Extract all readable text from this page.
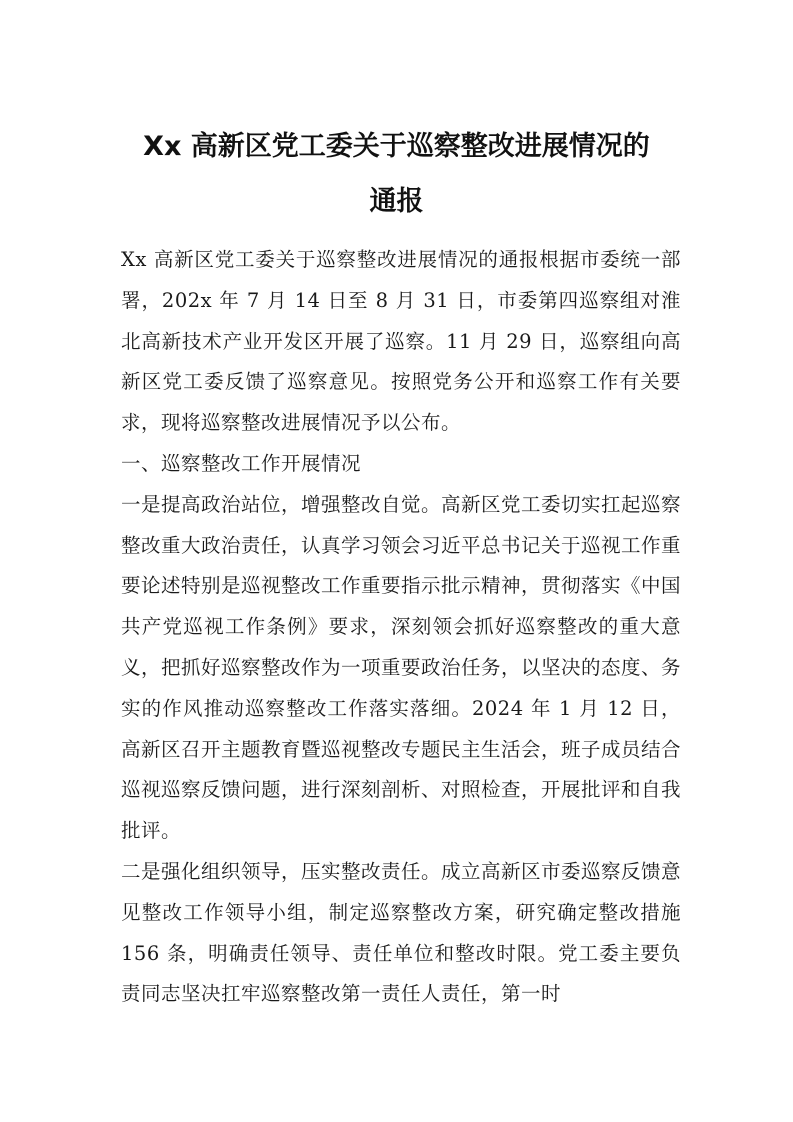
Xx 高新区党工委关于巡察整改进展情况的
通报

Xx 高新区党工委关于巡察整改进展情况的通报根据市委统一部署，202x 年 7 月 14 日至 8 月 31 日，市委第四巡察组对淮北高新技术产业开发区开展了巡察。11 月 29 日，巡察组向高新区党工委反馈了巡察意见。按照党务公开和巡察工作有关要求，现将巡察整改进展情况予以公布。

一、巡察整改工作开展情况

一是提高政治站位，增强整改自觉。高新区党工委切实扛起巡察整改重大政治责任，认真学习领会习近平总书记关于巡视工作重要论述特别是巡视整改工作重要指示批示精神，贯彻落实《中国共产党巡视工作条例》要求，深刻领会抓好巡察整改的重大意义，把抓好巡察整改作为一项重要政治任务，以坚决的态度、务实的作风推动巡察整改工作落实落细。2024 年 1 月 12 日，高新区召开主题教育暨巡视整改专题民主生活会，班子成员结合巡视巡察反馈问题，进行深刻剖析、对照检查，开展批评和自我批评。

二是强化组织领导，压实整改责任。成立高新区市委巡察反馈意见整改工作领导小组，制定巡察整改方案，研究确定整改措施 156 条，明确责任领导、责任单位和整改时限。党工委主要负责同志坚决扛牢巡察整改第一责任人责任，第一时
